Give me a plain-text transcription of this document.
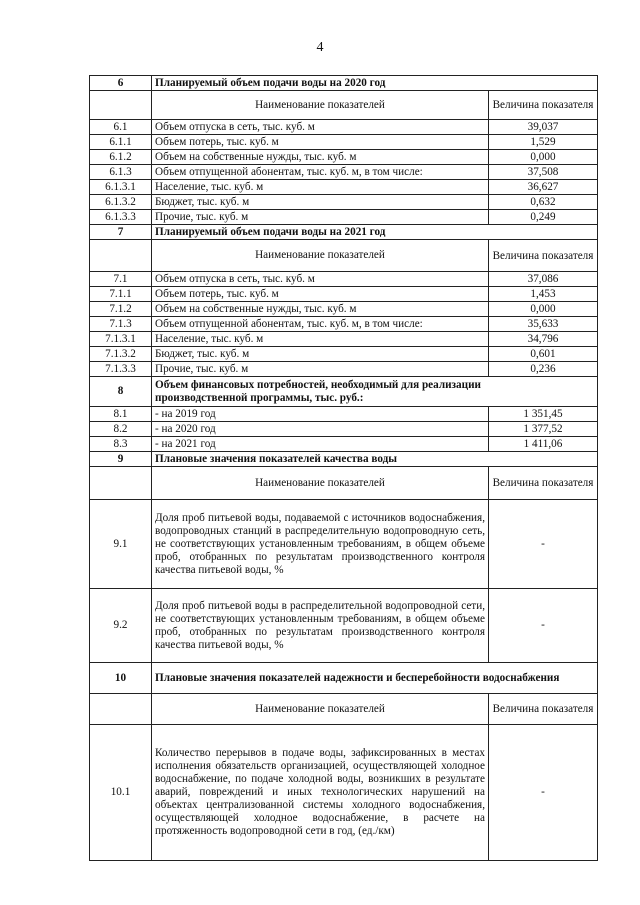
4
6	Планируемый объем подачи воды на 2020 год	
	Наименование показателей	Величина показателя
6.1	Объем отпуска в сеть, тыс. куб. м	39,037
6.1.1	Объем потерь, тыс. куб. м	1,529
6.1.2	Объем на собственные нужды, тыс. куб. м	0,000
6.1.3	Объем отпущенной абонентам, тыс. куб. м, в том числе:	37,508
6.1.3.1	Население, тыс. куб. м	36,627
6.1.3.2	Бюджет, тыс. куб. м	0,632
6.1.3.3	Прочие, тыс. куб. м	0,249
7	Планируемый объем подачи воды на 2021 год	
	Наименование показателей	Величина показателя
7.1	Объем отпуска в сеть, тыс. куб. м	37,086
7.1.1	Объем потерь, тыс. куб. м	1,453
7.1.2	Объем на собственные нужды, тыс. куб. м	0,000
7.1.3	Объем отпущенной абонентам, тыс. куб. м, в том числе:	35,633
7.1.3.1	Население, тыс. куб. м	34,796
7.1.3.2	Бюджет, тыс. куб. м	0,601
7.1.3.3	Прочие, тыс. куб. м	0,236
8	Объем финансовых потребностей, необходимый для реализации производственной программы, тыс. руб.:	
8.1	- на 2019 год	1 351,45
8.2	- на 2020 год	1 377,52
8.3	- на 2021 год	1 411,06
9	Плановые значения показателей качества воды	
	Наименование показателей	Величина показателя
9.1	Доля проб питьевой воды, подаваемой с источников водоснабжения, водопроводных станций в распределительную водопроводную сеть, не соответствующих установленным требованиям, в общем объеме проб, отобранных по результатам производственного контроля качества питьевой воды, %	-
9.2	Доля проб питьевой воды в распределительной водопроводной сети, не соответствующих установленным требованиям, в общем объеме проб, отобранных по результатам производственного контроля качества питьевой воды, %	-
10	Плановые значения показателей надежности и бесперебойности водоснабжения	
	Наименование показателей	Величина показателя
10.1	Количество перерывов в подаче воды, зафиксированных в местах исполнения обязательств организацией, осуществляющей холодное водоснабжение, по подаче холодной воды, возникших в результате аварий, повреждений и иных технологических нарушений на объектах централизованной системы холодного водоснабжения, осуществляющей холодное водоснабжение, в расчете на протяженность водопроводной сети в год, (ед./км)	-
